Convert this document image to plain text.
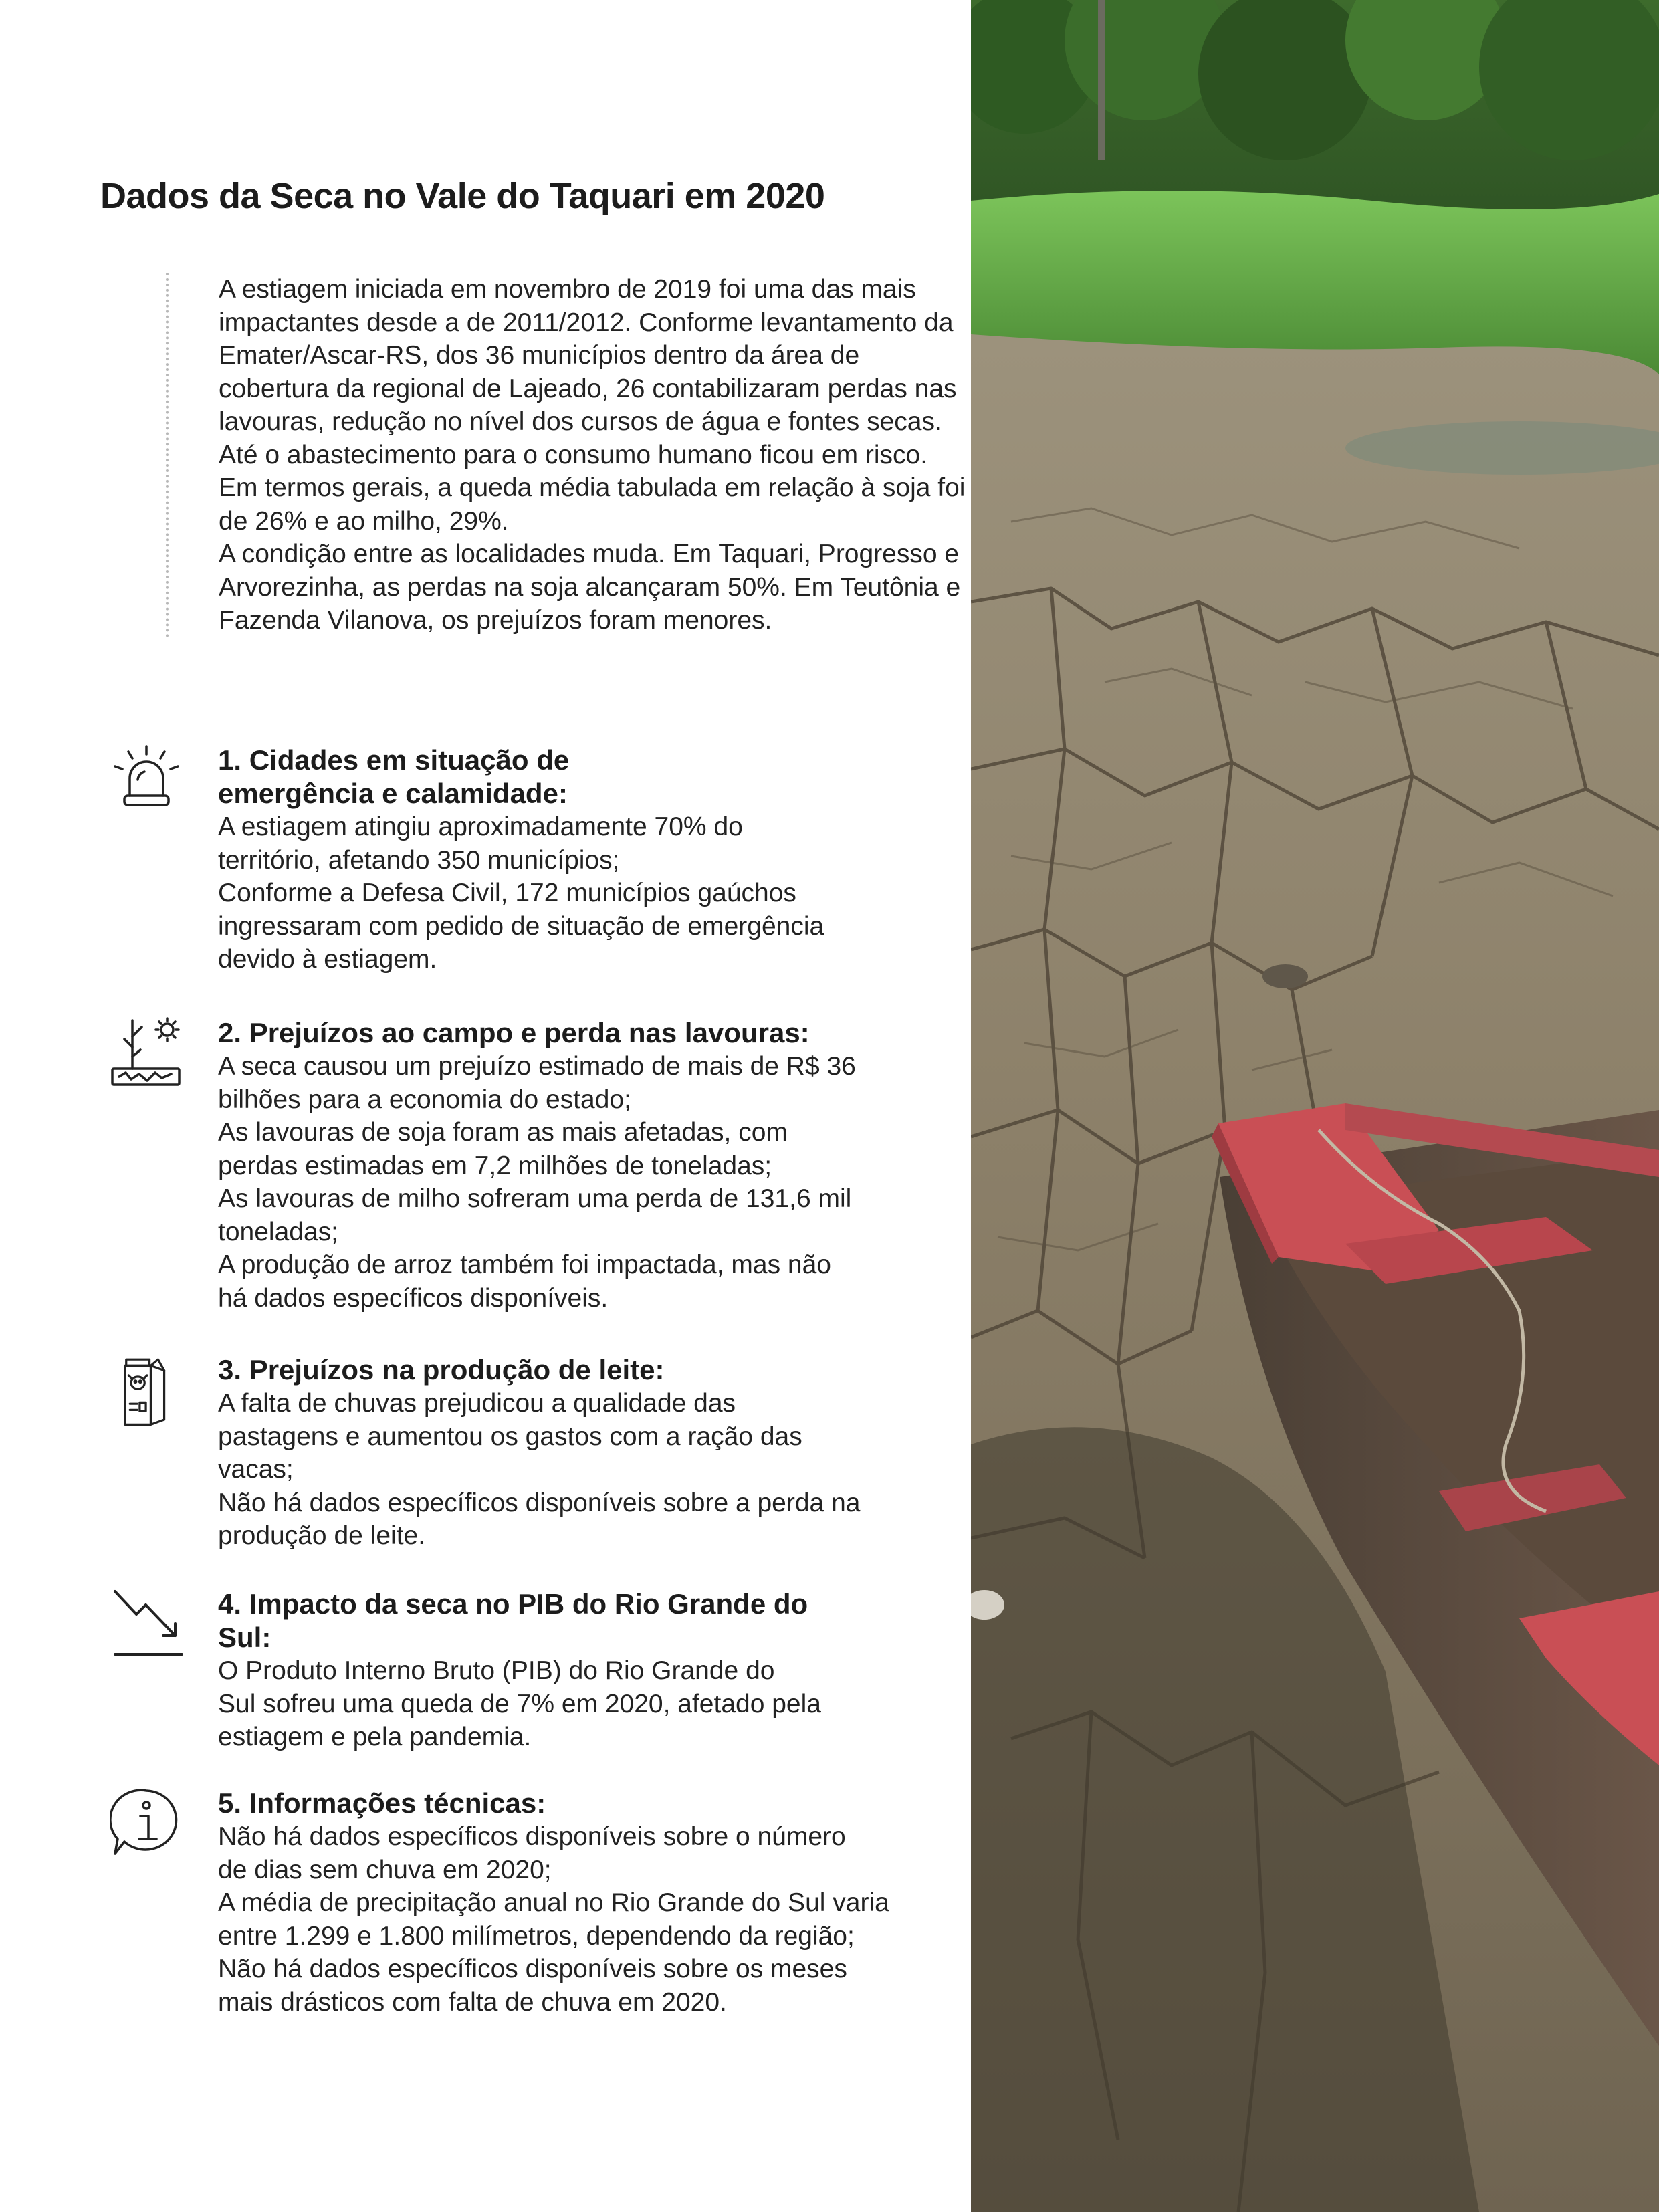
Dados da Seca no Vale do Taquari em 2020

A estiagem iniciada em novembro de 2019 foi uma das mais impactantes desde a de 2011/2012. Conforme levantamento da Emater/Ascar-RS, dos 36 municípios dentro da área de cobertura da regional de Lajeado, 26 contabilizaram perdas nas lavouras, redução no nível dos cursos de água e fontes secas. Até o abastecimento para o consumo humano ficou em risco.

Em termos gerais, a queda média tabulada em relação à soja foi de 26% e ao milho, 29%.

A condição entre as localidades muda. Em Taquari, Progresso e Arvorezinha, as perdas na soja alcançaram 50%. Em Teutônia e Fazenda Vilanova, os prejuízos foram menores.

1. Cidades em situação de

emergência e calamidade:

A estiagem atingiu aproximadamente 70% do

território, afetando 350 municípios;

Conforme a Defesa Civil, 172 municípios gaúchos

ingressaram com pedido de situação de emergência

devido à estiagem.

2. Prejuízos ao campo e perda nas lavouras:

A seca causou um prejuízo estimado de mais de R$ 36

bilhões para a economia do estado;

As lavouras de soja foram as mais afetadas, com

perdas estimadas em 7,2 milhões de toneladas;

As lavouras de milho sofreram uma perda de 131,6 mil

toneladas;

A produção de arroz também foi impactada, mas não

há dados específicos disponíveis.

3. Prejuízos na produção de leite:

A falta de chuvas prejudicou a qualidade das

pastagens e aumentou os gastos com a ração das

vacas;

Não há dados específicos disponíveis sobre a perda na

produção de leite.

4. Impacto da seca no PIB do Rio Grande do

Sul:

O Produto Interno Bruto (PIB) do Rio Grande do

Sul sofreu uma queda de 7% em 2020, afetado pela

estiagem e pela pandemia.

5. Informações técnicas:

Não há dados específicos disponíveis sobre o número

de dias sem chuva em 2020;

A média de precipitação anual no Rio Grande do Sul varia

entre 1.299 e 1.800 milímetros, dependendo da região;

Não há dados específicos disponíveis sobre os meses

mais drásticos com falta de chuva em 2020.
